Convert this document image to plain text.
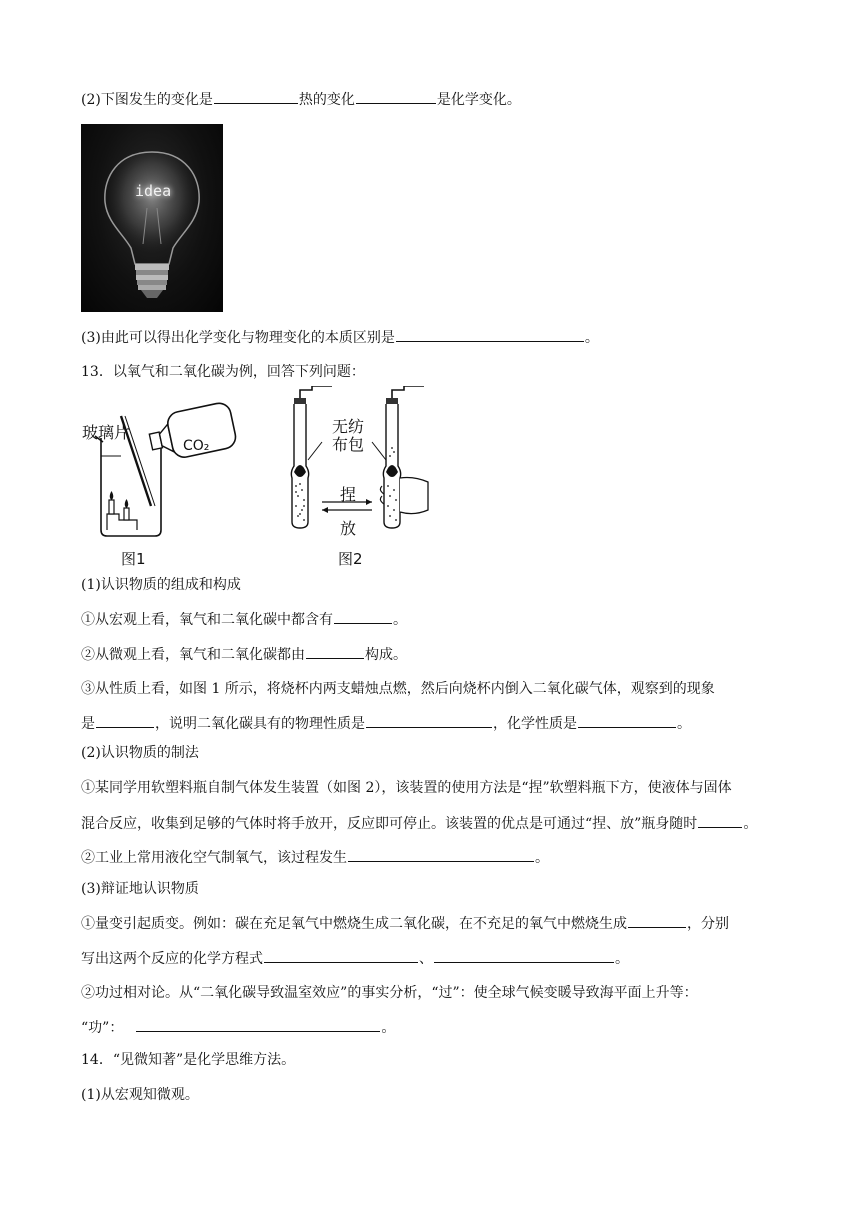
(2)下图发生的变化是	热的变化	是化学变化。
idea
(3)由此可以得出化学变化与物理变化的本质区别是	。
13．以氧气和二氧化碳为例，回答下列问题：
玻璃片
CO₂
图1
无纺
布包
捏
放
图2
(1)认识物质的组成和构成
①从宏观上看，氧气和二氧化碳中都含有	。
②从微观上看，氧气和二氧化碳都由	构成。
③从性质上看，如图 1 所示，将烧杯内两支蜡烛点燃，然后向烧杯内倒入二氧化碳气体，观察到的现象
是	，说明二氧化碳具有的物理性质是	，化学性质是	。
(2)认识物质的制法
①某同学用软塑料瓶自制气体发生装置（如图 2），该装置的使用方法是“捏”软塑料瓶下方，使液体与固体
混合反应，收集到足够的气体时将手放开，反应即可停止。该装置的优点是可通过“捏、放”瓶身随时	。
②工业上常用液化空气制氧气，该过程发生	。
(3)辩证地认识物质
①量变引起质变。例如：碳在充足氧气中燃烧生成二氧化碳，在不充足的氧气中燃烧生成	，分别
写出这两个反应的化学方程式	、	。
②功过相对论。从“二氧化碳导致温室效应”的事实分析，“过”：使全球气候变暖导致海平面上升等：
“功”：	。
14．“见微知著”是化学思维方法。
(1)从宏观知微观。
